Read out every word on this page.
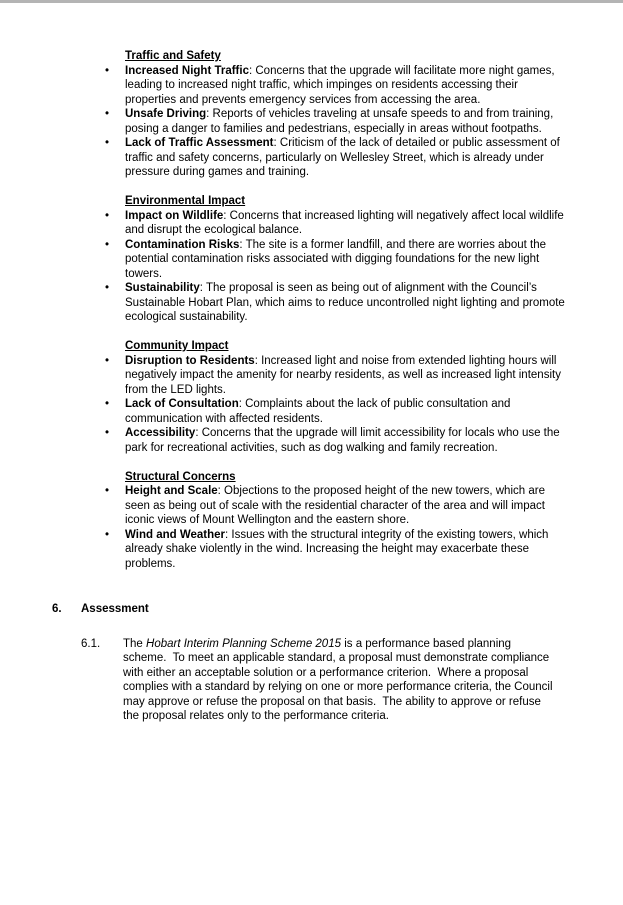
Traffic and Safety
•	Increased Night Traffic: Concerns that the upgrade will facilitate more night games, leading to increased night traffic, which impinges on residents accessing their properties and prevents emergency services from accessing the area.
•	Unsafe Driving: Reports of vehicles traveling at unsafe speeds to and from training, posing a danger to families and pedestrians, especially in areas without footpaths.
•	Lack of Traffic Assessment: Criticism of the lack of detailed or public assessment of traffic and safety concerns, particularly on Wellesley Street, which is already under pressure during games and training.
Environmental Impact
•	Impact on Wildlife: Concerns that increased lighting will negatively affect local wildlife and disrupt the ecological balance.
•	Contamination Risks: The site is a former landfill, and there are worries about the potential contamination risks associated with digging foundations for the new light towers.
•	Sustainability: The proposal is seen as being out of alignment with the Council’s Sustainable Hobart Plan, which aims to reduce uncontrolled night lighting and promote ecological sustainability.
Community Impact
•	Disruption to Residents: Increased light and noise from extended lighting hours will negatively impact the amenity for nearby residents, as well as increased light intensity from the LED lights.
•	Lack of Consultation: Complaints about the lack of public consultation and communication with affected residents.
•	Accessibility: Concerns that the upgrade will limit accessibility for locals who use the park for recreational activities, such as dog walking and family recreation.
Structural Concerns
•	Height and Scale: Objections to the proposed height of the new towers, which are seen as being out of scale with the residential character of the area and will impact iconic views of Mount Wellington and the eastern shore.
•	Wind and Weather: Issues with the structural integrity of the existing towers, which already shake violently in the wind. Increasing the height may exacerbate these problems.
6. Assessment
6.1.	The Hobart Interim Planning Scheme 2015 is a performance based planning scheme.  To meet an applicable standard, a proposal must demonstrate compliance with either an acceptable solution or a performance criterion.  Where a proposal complies with a standard by relying on one or more performance criteria, the Council may approve or refuse the proposal on that basis.  The ability to approve or refuse the proposal relates only to the performance criteria.
